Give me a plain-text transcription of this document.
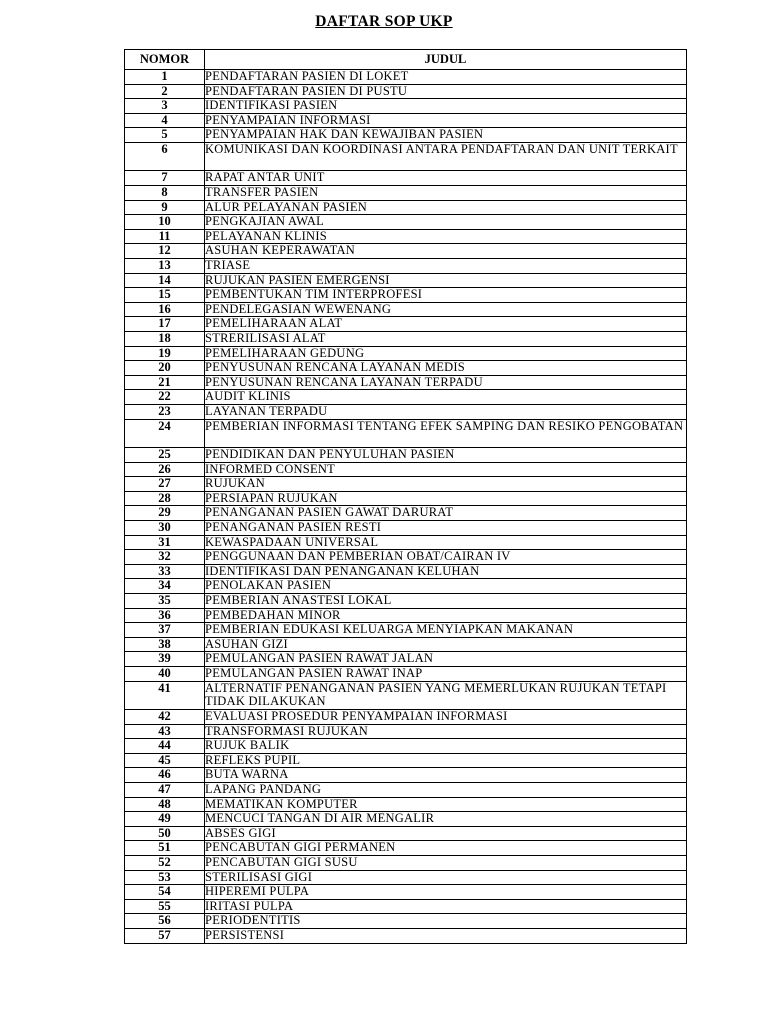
DAFTAR SOP UKP
NOMOR	JUDUL
1	PENDAFTARAN PASIEN DI LOKET
2	PENDAFTARAN PASIEN DI PUSTU
3	IDENTIFIKASI PASIEN
4	PENYAMPAIAN INFORMASI
5	PENYAMPAIAN HAK DAN KEWAJIBAN PASIEN
6	KOMUNIKASI DAN KOORDINASI ANTARA PENDAFTARAN DAN UNIT TERKAIT
7	RAPAT ANTAR UNIT
8	TRANSFER PASIEN
9	ALUR PELAYANAN PASIEN
10	PENGKAJIAN AWAL
11	PELAYANAN KLINIS
12	ASUHAN KEPERAWATAN
13	TRIASE
14	RUJUKAN PASIEN EMERGENSI
15	PEMBENTUKAN TIM INTERPROFESI
16	PENDELEGASIAN WEWENANG
17	PEMELIHARAAN ALAT
18	STRERILISASI ALAT
19	PEMELIHARAAN GEDUNG
20	PENYUSUNAN RENCANA LAYANAN MEDIS
21	PENYUSUNAN RENCANA LAYANAN TERPADU
22	AUDIT KLINIS
23	LAYANAN TERPADU
24	PEMBERIAN INFORMASI TENTANG EFEK SAMPING DAN RESIKO PENGOBATAN
25	PENDIDIKAN DAN PENYULUHAN PASIEN
26	INFORMED CONSENT
27	RUJUKAN
28	PERSIAPAN RUJUKAN
29	PENANGANAN PASIEN GAWAT DARURAT
30	PENANGANAN PASIEN RESTI
31	KEWASPADAAN UNIVERSAL
32	PENGGUNAAN DAN PEMBERIAN OBAT/CAIRAN IV
33	IDENTIFIKASI DAN PENANGANAN KELUHAN
34	PENOLAKAN PASIEN
35	PEMBERIAN ANASTESI LOKAL
36	PEMBEDAHAN MINOR
37	PEMBERIAN EDUKASI KELUARGA MENYIAPKAN MAKANAN
38	ASUHAN GIZI
39	PEMULANGAN PASIEN RAWAT JALAN
40	PEMULANGAN PASIEN RAWAT INAP
41	ALTERNATIF PENANGANAN PASIEN YANG MEMERLUKAN RUJUKAN TETAPI TIDAK DILAKUKAN
42	EVALUASI PROSEDUR PENYAMPAIAN INFORMASI
43	TRANSFORMASI RUJUKAN
44	RUJUK BALIK
45	REFLEKS PUPIL
46	BUTA WARNA
47	LAPANG PANDANG
48	MEMATIKAN KOMPUTER
49	MENCUCI TANGAN DI AIR MENGALIR
50	ABSES GIGI
51	PENCABUTAN GIGI PERMANEN
52	PENCABUTAN GIGI SUSU
53	STERILISASI GIGI
54	HIPEREMI PULPA
55	IRITASI PULPA
56	PERIODENTITIS
57	PERSISTENSI
